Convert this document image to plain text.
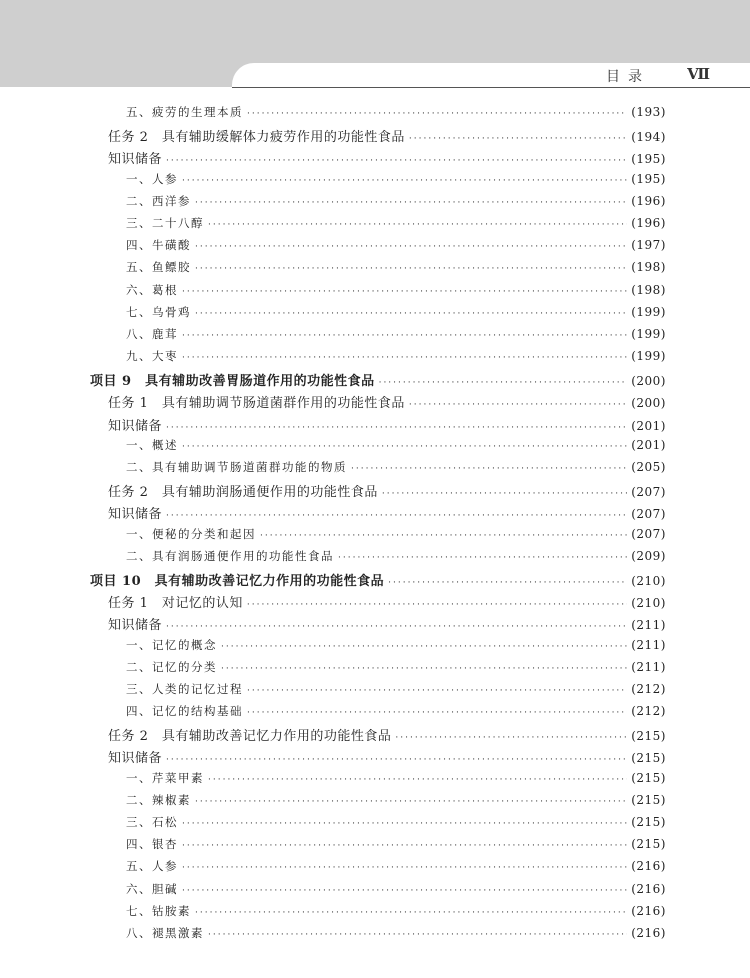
目录 Ⅶ
五、疲劳的生理本质 ·····	(193)
任务 2　具有辅助缓解体力疲劳作用的功能性食品 ·····	(194)
知识储备 ·····	(195)
一、人参 ·····	(195)
二、西洋参 ·····	(196)
三、二十八醇 ·····	(196)
四、牛磺酸 ·····	(197)
五、鱼鳔胶 ·····	(198)
六、葛根 ·····	(198)
七、乌骨鸡 ·····	(199)
八、鹿茸 ·····	(199)
九、大枣 ·····	(199)
项目 9　具有辅助改善胃肠道作用的功能性食品 ·····	(200)
任务 1　具有辅助调节肠道菌群作用的功能性食品 ·····	(200)
知识储备 ·····	(201)
一、概述 ·····	(201)
二、具有辅助调节肠道菌群功能的物质 ·····	(205)
任务 2　具有辅助润肠通便作用的功能性食品 ·····	(207)
知识储备 ·····	(207)
一、便秘的分类和起因 ·····	(207)
二、具有润肠通便作用的功能性食品 ·····	(209)
项目 10　具有辅助改善记忆力作用的功能性食品 ·····	(210)
任务 1　对记忆的认知 ·····	(210)
知识储备 ·····	(211)
一、记忆的概念 ·····	(211)
二、记忆的分类 ·····	(211)
三、人类的记忆过程 ·····	(212)
四、记忆的结构基础 ·····	(212)
任务 2　具有辅助改善记忆力作用的功能性食品 ·····	(215)
知识储备 ·····	(215)
一、芹菜甲素 ·····	(215)
二、辣椒素 ·····	(215)
三、石松 ·····	(215)
四、银杏 ·····	(215)
五、人参 ·····	(216)
六、胆碱 ·····	(216)
七、钴胺素 ·····	(216)
八、褪黑激素 ·····	(216)
